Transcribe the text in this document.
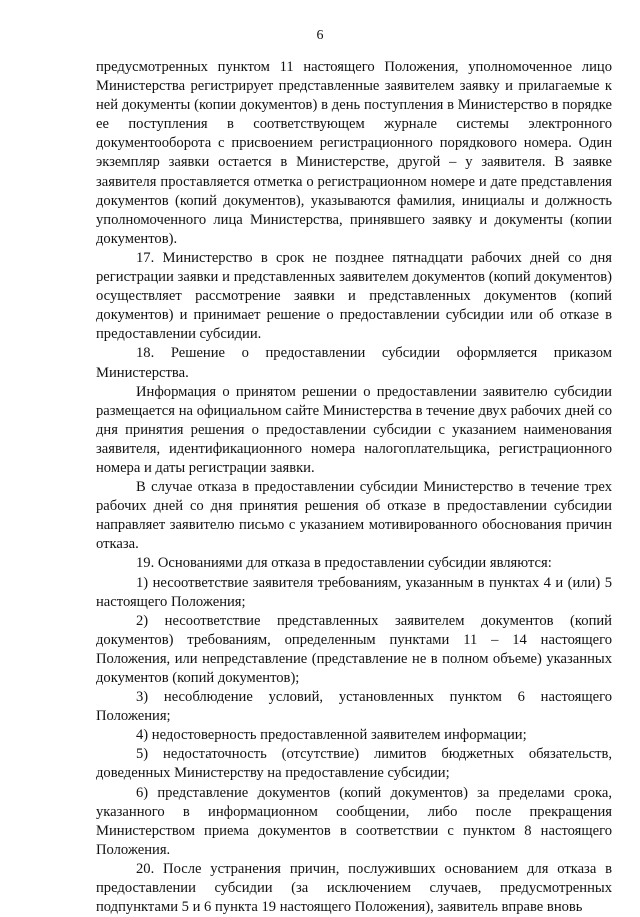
6

предусмотренных пунктом 11 настоящего Положения, уполномоченное лицо Министерства регистрирует представленные заявителем заявку и прилагаемые к ней документы (копии документов) в день поступления в Министерство в порядке ее поступления в соответствующем журнале системы электронного документооборота с присвоением регистрационного порядкового номера. Один экземпляр заявки остается в Министерстве, другой – у заявителя. В заявке заявителя проставляется отметка о регистрационном номере и дате представления документов (копий документов), указываются фамилия, инициалы и должность уполномоченного лица Министерства, принявшего заявку и документы (копии документов).

17. Министерство в срок не позднее пятнадцати рабочих дней со дня регистрации заявки и представленных заявителем документов (копий документов) осуществляет рассмотрение заявки и представленных документов (копий документов) и принимает решение о предоставлении субсидии или об отказе в предоставлении субсидии.

18. Решение о предоставлении субсидии оформляется приказом Министерства.

Информация о принятом решении о предоставлении заявителю субсидии размещается на официальном сайте Министерства в течение двух рабочих дней со дня принятия решения о предоставлении субсидии с указанием наименования заявителя, идентификационного номера налогоплательщика, регистрационного номера и даты регистрации заявки.

В случае отказа в предоставлении субсидии Министерство в течение трех рабочих дней со дня принятия решения об отказе в предоставлении субсидии направляет заявителю письмо с указанием мотивированного обоснования причин отказа.

19. Основаниями для отказа в предоставлении субсидии являются:

1) несоответствие заявителя требованиям, указанным в пунктах 4 и (или) 5 настоящего Положения;

2) несоответствие представленных заявителем документов (копий документов) требованиям, определенным пунктами 11 – 14 настоящего Положения, или непредставление (представление не в полном объеме) указанных документов (копий документов);

3) несоблюдение условий, установленных пунктом 6 настоящего Положения;

4) недостоверность предоставленной заявителем информации;

5) недостаточность (отсутствие) лимитов бюджетных обязательств, доведенных Министерству на предоставление субсидии;

6) представление документов (копий документов) за пределами срока, указанного в информационном сообщении, либо после прекращения Министерством приема документов в соответствии с пунктом 8 настоящего Положения.

20. После устранения причин, послуживших основанием для отказа в предоставлении субсидии (за исключением случаев, предусмотренных подпунктами 5 и 6 пункта 19 настоящего Положения), заявитель вправе вновь
